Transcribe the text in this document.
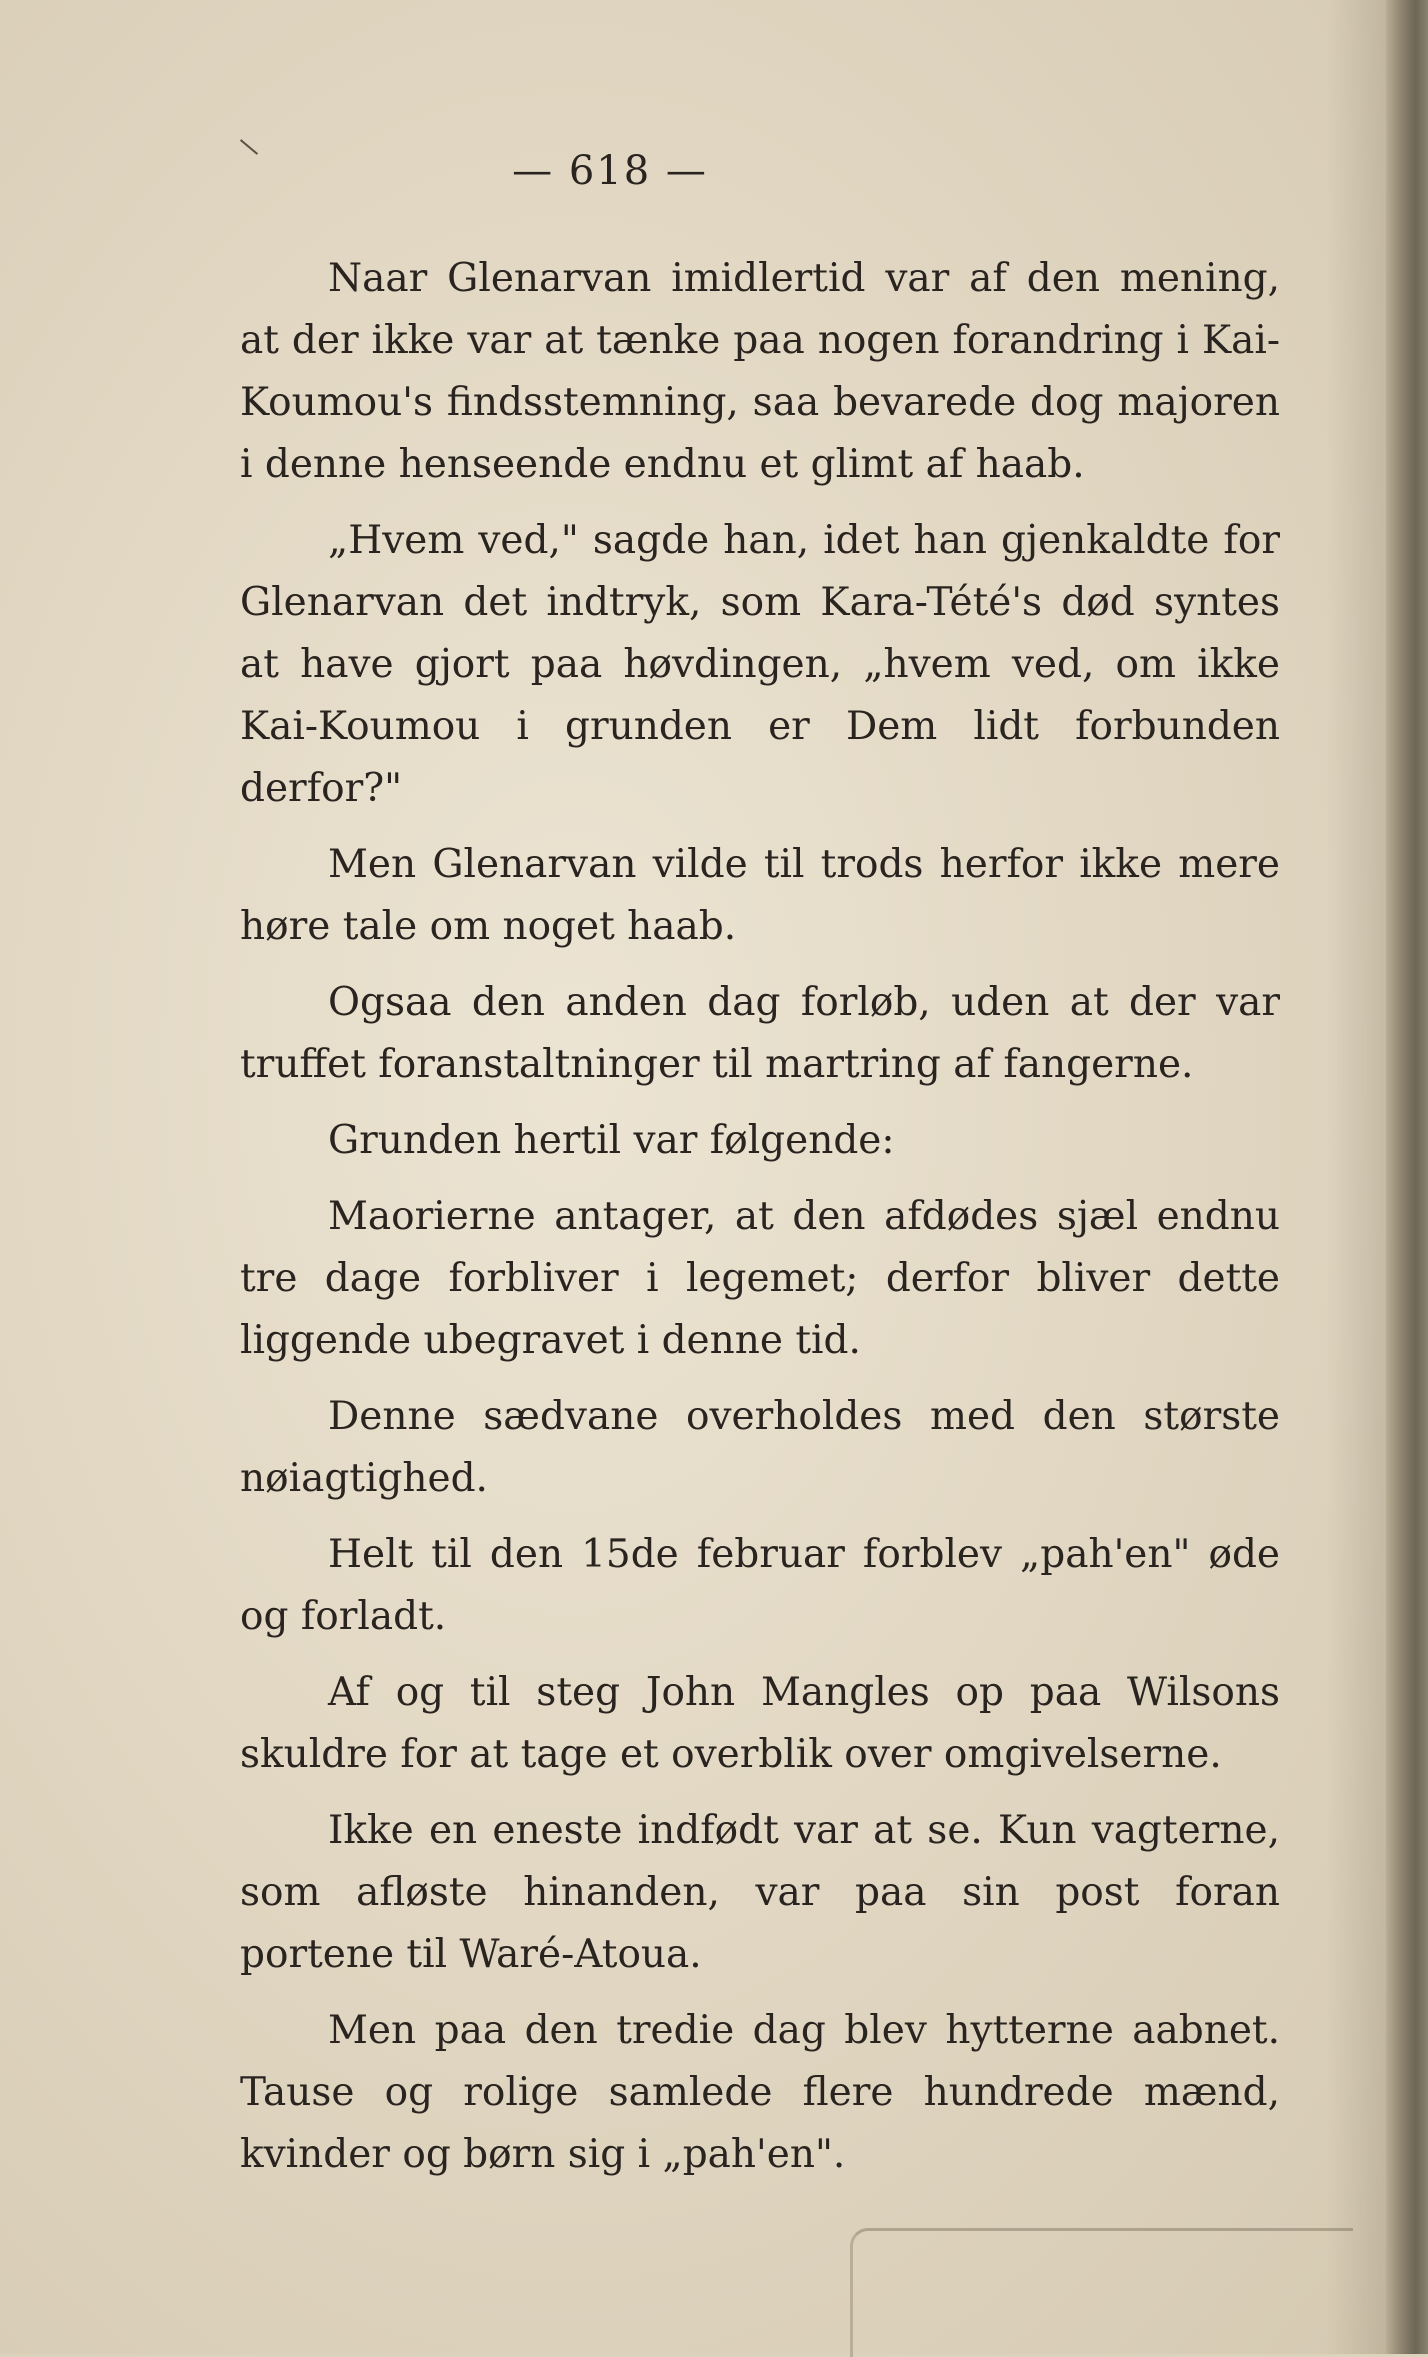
— 618 —

Naar Glenarvan imidlertid var af den mening, at der ikke var at tænke paa nogen forandring i Kai-Koumou's findsstemning, saa bevarede dog majoren i denne henseende endnu et glimt af haab.

„Hvem ved," sagde han, idet han gjenkaldte for Glenarvan det indtryk, som Kara-Tété's død syntes at have gjort paa høvdingen, „hvem ved, om ikke Kai-Koumou i grunden er Dem lidt forbunden derfor?"

Men Glenarvan vilde til trods herfor ikke mere høre tale om noget haab.

Ogsaa den anden dag forløb, uden at der var truffet foranstaltninger til martring af fangerne.

Grunden hertil var følgende:

Maorierne antager, at den afdødes sjæl endnu tre dage forbliver i legemet; derfor bliver dette liggende ubegravet i denne tid.

Denne sædvane overholdes med den største nøiagtighed.

Helt til den 15de februar forblev „pah'en" øde og forladt.

Af og til steg John Mangles op paa Wilsons skuldre for at tage et overblik over omgivelserne.

Ikke en eneste indfødt var at se. Kun vagterne, som afløste hinanden, var paa sin post foran portene til Waré-Atoua.

Men paa den tredie dag blev hytterne aabnet. Tause og rolige samlede flere hundrede mænd, kvinder og børn sig i „pah'en".
